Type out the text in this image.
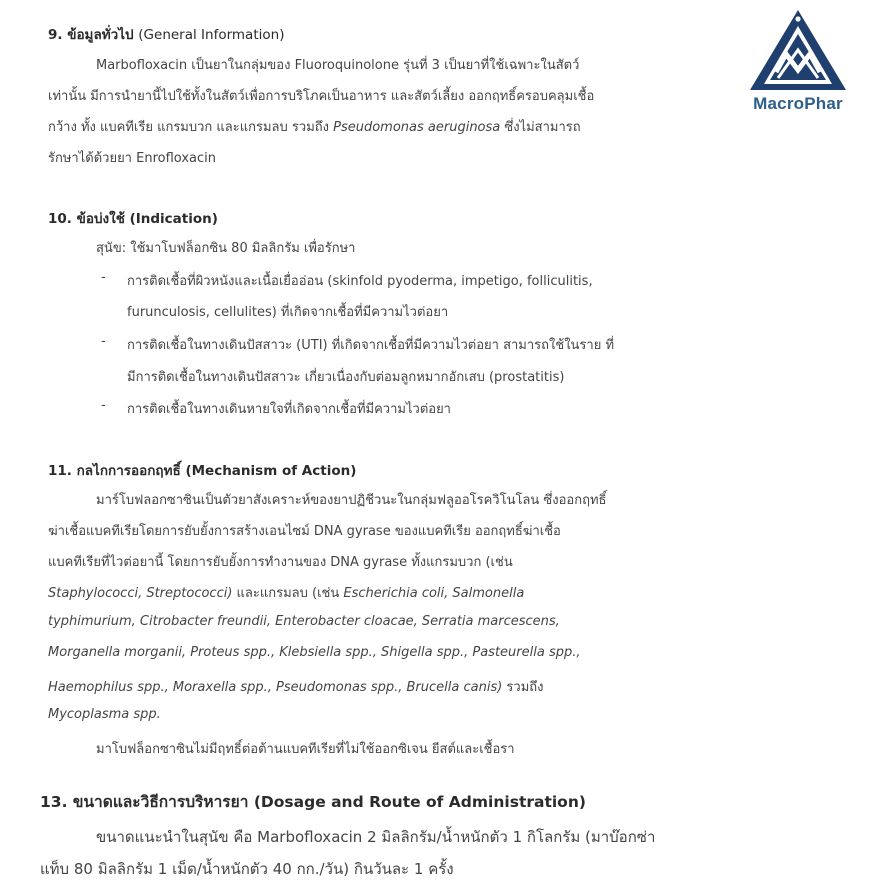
MacroPhar
9. ข้อมูลทั่วไป (General Information)
Marbofloxacin เป็นยาในกลุ่มของ Fluoroquinolone รุ่นที่ 3 เป็นยาที่ใช้เฉพาะในสัตว์
เท่านั้น มีการนำยานี้ไปใช้ทั้งในสัตว์เพื่อการบริโภคเป็นอาหาร และสัตว์เลี้ยง ออกฤทธิ์ครอบคลุมเชื้อ
กว้าง ทั้ง แบคทีเรีย แกรมบวก และแกรมลบ รวมถึง Pseudomonas aeruginosa ซึ่งไม่สามารถ
รักษาได้ด้วยยา Enrofloxacin
10. ข้อบ่งใช้ (Indication)
สุนัข: ใช้มาโบฟล็อกซิน 80 มิลลิกรัม เพื่อรักษา
- การติดเชื้อที่ผิวหนังและเนื้อเยื่ออ่อน (skinfold pyoderma, impetigo, folliculitis,
furunculosis, cellulites) ที่เกิดจากเชื้อที่มีความไวต่อยา
- การติดเชื้อในทางเดินปัสสาวะ (UTI) ที่เกิดจากเชื้อที่มีความไวต่อยา สามารถใช้ในราย ที่
มีการติดเชื้อในทางเดินปัสสาวะ เกี่ยวเนื่องกับต่อมลูกหมากอักเสบ (prostatitis)
- การติดเชื้อในทางเดินหายใจที่เกิดจากเชื้อที่มีความไวต่อยา
11. กลไกการออกฤทธิ์ (Mechanism of Action)
มาร์โบฟลอกซาซินเป็นตัวยาสังเคราะห์ของยาปฏิชีวนะในกลุ่มฟลูออโรควิโนโลน ซึ่งออกฤทธิ์
ฆ่าเชื้อแบคทีเรียโดยการยับยั้งการสร้างเอนไซม์ DNA gyrase ของแบคทีเรีย ออกฤทธิ์ฆ่าเชื้อ
แบคทีเรียที่ไวต่อยานี้ โดยการยับยั้งการทำงานของ DNA gyrase ทั้งแกรมบวก (เช่น
Staphylococci, Streptococci) และแกรมลบ (เช่น Escherichia coli, Salmonella
typhimurium, Citrobacter freundii, Enterobacter cloacae, Serratia marcescens,
Morganella morganii, Proteus spp., Klebsiella spp., Shigella spp., Pasteurella spp.,
Haemophilus spp., Moraxella spp., Pseudomonas spp., Brucella canis) รวมถึง
Mycoplasma spp.
มาโบฟล็อกซาซินไม่มีฤทธิ์ต่อต้านแบคทีเรียที่ไม่ใช้ออกซิเจน ยีสต์และเชื้อรา
13. ขนาดและวิธีการบริหารยา (Dosage and Route of Administration)
ขนาดแนะนำในสุนัข คือ Marbofloxacin 2 มิลลิกรัม/น้ำหนักตัว 1 กิโลกรัม (มาบ๊อกซ่า
แท็บ 80 มิลลิกรัม 1 เม็ด/น้ำหนักตัว 40 กก./วัน) กินวันละ 1 ครั้ง
